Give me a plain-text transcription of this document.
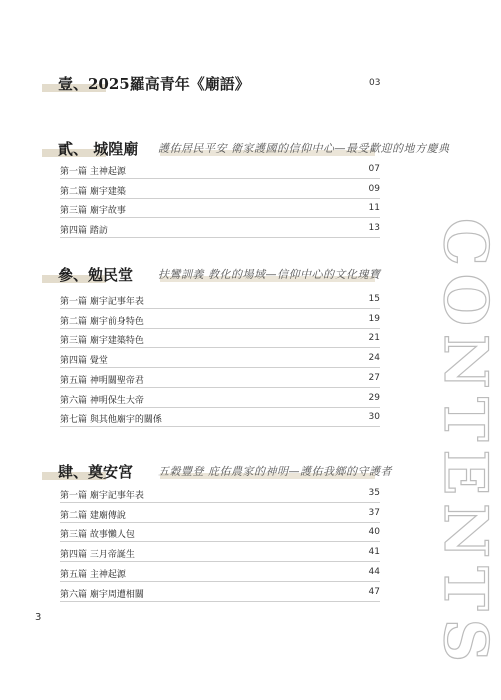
壹、2025羅高青年《廟語》	03
貳、 城隍廟 護佑居民平安 衛家護國的信仰中心—最受歡迎的地方慶典
第一篇 主神起源	07
第二篇 廟宇建築	09
第三篇 廟宇故事	11
第四篇 踏訪	13
參、勉民堂 扶鸞訓義 教化的場域—信仰中心的文化瑰寶
第一篇 廟宇記事年表	15
第二篇 廟宇前身特色	19
第三篇 廟宇建築特色	21
第四篇 覺堂	24
第五篇 神明關聖帝君	27
第六篇 神明保生大帝	29
第七篇 與其他廟宇的關係	30
肆、奠安宮 五穀豐登 庇佑農家的神明—護佑我鄉的守護者
第一篇 廟宇記事年表	35
第二篇 建廟傳說	37
第三篇 故事懶人包	40
第四篇 三月帝誕生	41
第五篇 主神起源	44
第六篇 廟宇周遭相關	47 CONTENTS
3
